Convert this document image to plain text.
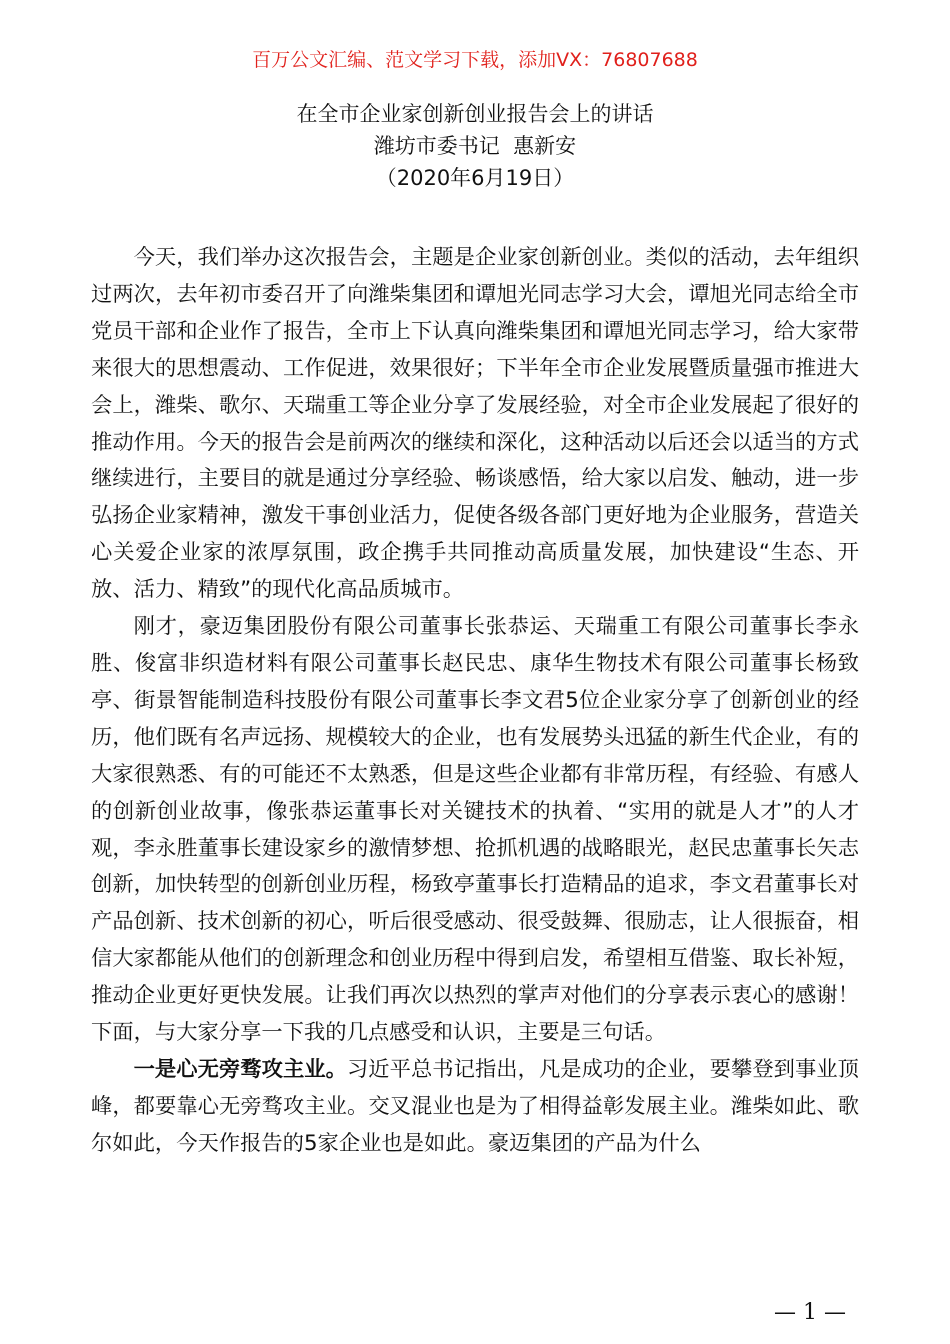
百万公文汇编、范文学习下载，添加VX：76807688
在全市企业家创新创业报告会上的讲话
潍坊市委书记  惠新安
（2020年6月19日）

今天，我们举办这次报告会，主题是企业家创新创业。类似的活动，去年组织过两次，去年初市委召开了向潍柴集团和谭旭光同志学习大会，谭旭光同志给全市党员干部和企业作了报告，全市上下认真向潍柴集团和谭旭光同志学习，给大家带来很大的思想震动、工作促进，效果很好；下半年全市企业发展暨质量强市推进大会上，潍柴、歌尔、天瑞重工等企业分享了发展经验，对全市企业发展起了很好的推动作用。今天的报告会是前两次的继续和深化，这种活动以后还会以适当的方式继续进行，主要目的就是通过分享经验、畅谈感悟，给大家以启发、触动，进一步弘扬企业家精神，激发干事创业活力，促使各级各部门更好地为企业服务，营造关心关爱企业家的浓厚氛围，政企携手共同推动高质量发展，加快建设“生态、开放、活力、精致”的现代化高品质城市。

刚才，豪迈集团股份有限公司董事长张恭运、天瑞重工有限公司董事长李永胜、俊富非织造材料有限公司董事长赵民忠、康华生物技术有限公司董事长杨致亭、街景智能制造科技股份有限公司董事长李文君5位企业家分享了创新创业的经历，他们既有名声远扬、规模较大的企业，也有发展势头迅猛的新生代企业，有的大家很熟悉、有的可能还不太熟悉，但是这些企业都有非常历程，有经验、有感人的创新创业故事，像张恭运董事长对关键技术的执着、“实用的就是人才”的人才观，李永胜董事长建设家乡的激情梦想、抢抓机遇的战略眼光，赵民忠董事长矢志创新，加快转型的创新创业历程，杨致亭董事长打造精品的追求，李文君董事长对产品创新、技术创新的初心，听后很受感动、很受鼓舞、很励志，让人很振奋，相信大家都能从他们的创新理念和创业历程中得到启发，希望相互借鉴、取长补短，推动企业更好更快发展。让我们再次以热烈的掌声对他们的分享表示衷心的感谢！下面，与大家分享一下我的几点感受和认识，主要是三句话。

一是心无旁骛攻主业。习近平总书记指出，凡是成功的企业，要攀登到事业顶峰，都要靠心无旁骛攻主业。交叉混业也是为了相得益彰发展主业。潍柴如此、歌尔如此，今天作报告的5家企业也是如此。豪迈集团的产品为什么

— 1 —
